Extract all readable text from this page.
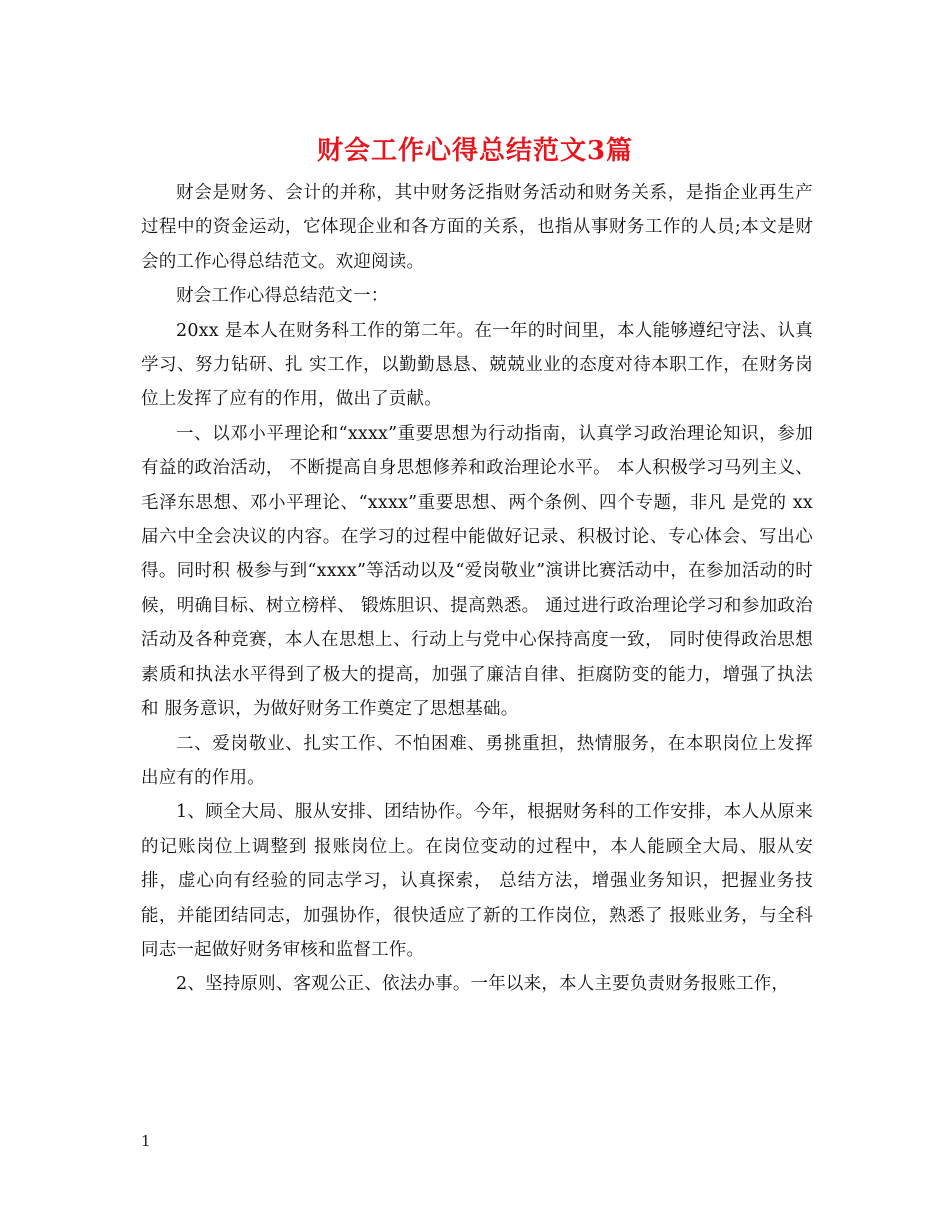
财会工作心得总结范文3篇

财会是财务、会计的并称，其中财务泛指财务活动和财务关系，是指企业再生产过程中的资金运动，它体现企业和各方面的关系，也指从事财务工作的人员;本文是财会的工作心得总结范文。欢迎阅读。

财会工作心得总结范文一：

20xx 是本人在财务科工作的第二年。在一年的时间里，本人能够遵纪守法、认真学习、努力钻研、扎 实工作，以勤勤恳恳、兢兢业业的态度对待本职工作，在财务岗位上发挥了应有的作用，做出了贡献。

一、以邓小平理论和“xxxx”重要思想为行动指南，认真学习政治理论知识，参加有益的政治活动， 不断提高自身思想修养和政治理论水平。 本人积极学习马列主义、毛泽东思想、邓小平理论、“xxxx”重要思想、两个条例、四个专题，非凡 是党的 xx 届六中全会决议的内容。在学习的过程中能做好记录、积极讨论、专心体会、写出心得。同时积 极参与到“xxxx”等活动以及“爱岗敬业”演讲比赛活动中，在参加活动的时候，明确目标、树立榜样、 锻炼胆识、提高熟悉。 通过进行政治理论学习和参加政治活动及各种竞赛，本人在思想上、行动上与党中心保持高度一致， 同时使得政治思想素质和执法水平得到了极大的提高，加强了廉洁自律、拒腐防变的能力，增强了执法和 服务意识，为做好财务工作奠定了思想基础。

二、爱岗敬业、扎实工作、不怕困难、勇挑重担，热情服务，在本职岗位上发挥出应有的作用。

1、顾全大局、服从安排、团结协作。今年，根据财务科的工作安排，本人从原来的记账岗位上调整到 报账岗位上。在岗位变动的过程中，本人能顾全大局、服从安排，虚心向有经验的同志学习，认真探索， 总结方法，增强业务知识，把握业务技能，并能团结同志，加强协作，很快适应了新的工作岗位，熟悉了 报账业务，与全科同志一起做好财务审核和监督工作。

2、坚持原则、客观公正、依法办事。一年以来，本人主要负责财务报账工作，

1
